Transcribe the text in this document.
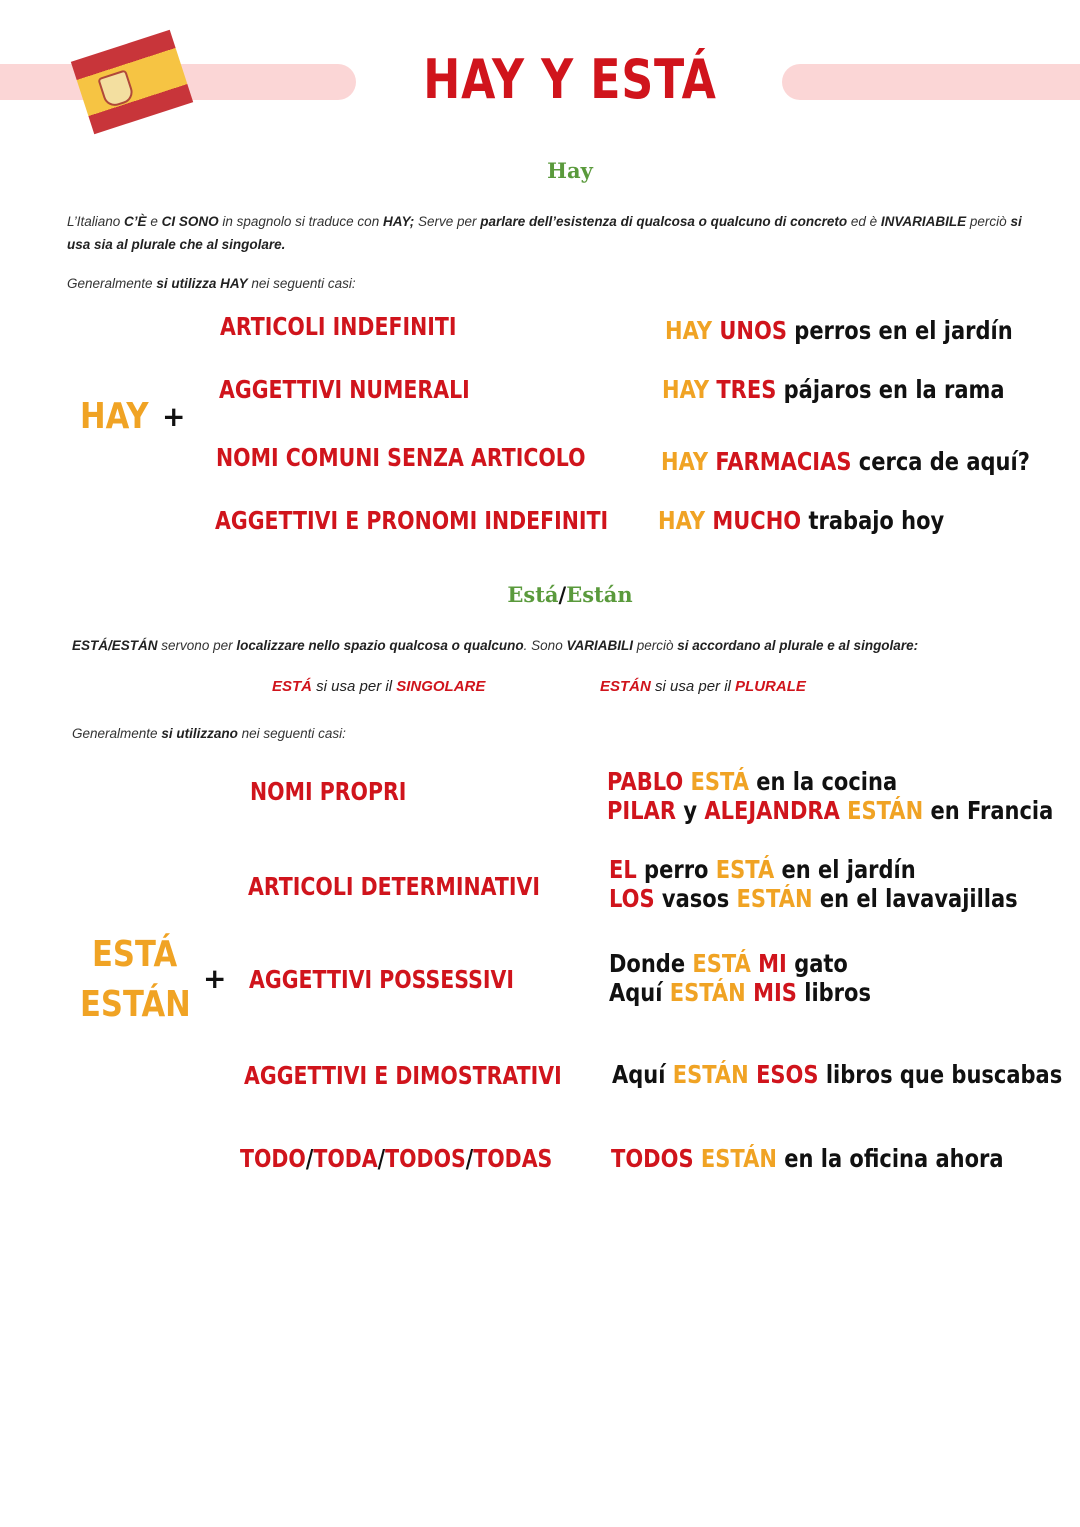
HAY Y ESTÁ
Hay
L’Italiano C’È e CI SONO in spagnolo si traduce con HAY; Serve per parlare dell’esistenza di qualcosa o qualcuno di concreto ed è INVARIABILE perciò si usa sia al plurale che al singolare.
Generalmente si utilizza HAY nei seguenti casi:
HAY +
ARTICOLI INDEFINITI
AGGETTIVI NUMERALI
NOMI COMUNI SENZA ARTICOLO
AGGETTIVI E PRONOMI INDEFINITI
HAY UNOS perros en el jardín
HAY TRES pájaros en la rama
HAY FARMACIAS cerca de aquí?
HAY MUCHO trabajo hoy
Está/Están
ESTÁ/ESTÁN servono per localizzare nello spazio qualcosa o qualcuno. Sono VARIABILI perciò si accordano al plurale e al singolare:
ESTÁ si usa per il SINGOLARE	ESTÁN si usa per il PLURALE
Generalmente si utilizzano nei seguenti casi:
ESTÁ
ESTÁN
+
NOMI PROPRI
ARTICOLI DETERMINATIVI
AGGETTIVI POSSESSIVI
AGGETTIVI E DIMOSTRATIVI
TODO/TODA/TODOS/TODAS
PABLO ESTÁ en la cocina
PILAR y ALEJANDRA ESTÁN en Francia
EL perro ESTÁ en el jardín
LOS vasos ESTÁN en el lavavajillas
Donde ESTÁ MI gato
Aquí ESTÁN MIS libros
Aquí ESTÁN ESOS libros que buscabas
TODOS ESTÁN en la oficina ahora
